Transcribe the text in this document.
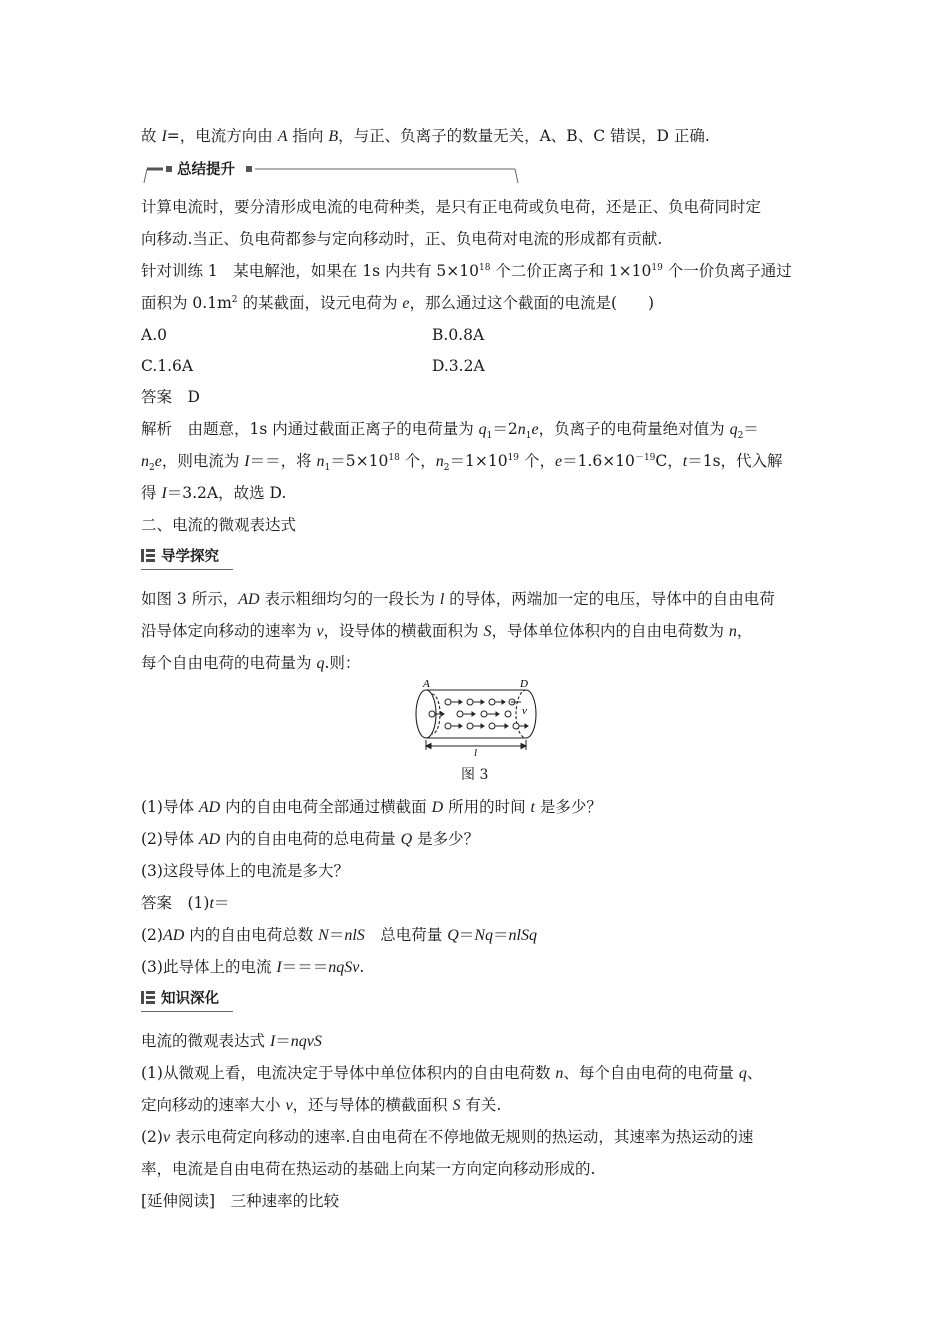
故 I=，电流方向由 A 指向 B，与正、负离子的数量无关，A、B、C 错误，D 正确.
总结提升
计算电流时，要分清形成电流的电荷种类，是只有正电荷或负电荷，还是正、负电荷同时定
向移动.当正、负电荷都参与定向移动时，正、负电荷对电流的形成都有贡献.
针对训练 1　某电解池，如果在 1s 内共有 $5\times 10^{18}$ 个二价正离子和 $1\times 10^{19}$ 个一价负离子通过
面积为 $0.1m^2$ 的某截面，设元电荷为 e，那么通过这个截面的电流是(　　)
A.0	B.0.8A
C.1.6A	D.3.2A
答案　D
解析　由题意，1s 内通过截面正离子的电荷量为 $q_1=2n_1e$，负离子的电荷量绝对值为 $q_2=$
$n_2e$，则电流为 I＝＝，将 $n_1=5\times 10^{18}$ 个，$n_2=1\times 10^{19}$ 个，$e=1.6\times 10^{-19}C$，t＝1s，代入解
得 I＝3.2A，故选 D.
二、电流的微观表达式
导学探究
如图 3 所示，AD 表示粗细均匀的一段长为 l 的导体，两端加一定的电压，导体中的自由电荷
沿导体定向移动的速率为 v，设导体的横截面积为 S，导体单位体积内的自由电荷数为 n，
每个自由电荷的电荷量为 q.则：
A	D
v
l
图 3
(1)导体 AD 内的自由电荷全部通过横截面 D 所用的时间 t 是多少？
(2)导体 AD 内的自由电荷的总电荷量 Q 是多少？
(3)这段导体上的电流是多大？
答案　(1)t＝
(2)AD 内的自由电荷总数 N＝nlS　总电荷量 Q＝Nq＝nlSq
(3)此导体上的电流 I＝＝＝nqSv.
知识深化
电流的微观表达式 I＝nqvS
(1)从微观上看，电流决定于导体中单位体积内的自由电荷数 n、每个自由电荷的电荷量 q、
定向移动的速率大小 v，还与导体的横截面积 S 有关.
(2)v 表示电荷定向移动的速率.自由电荷在不停地做无规则的热运动，其速率为热运动的速
率，电流是自由电荷在热运动的基础上向某一方向定向移动形成的.
[延伸阅读]　三种速率的比较
